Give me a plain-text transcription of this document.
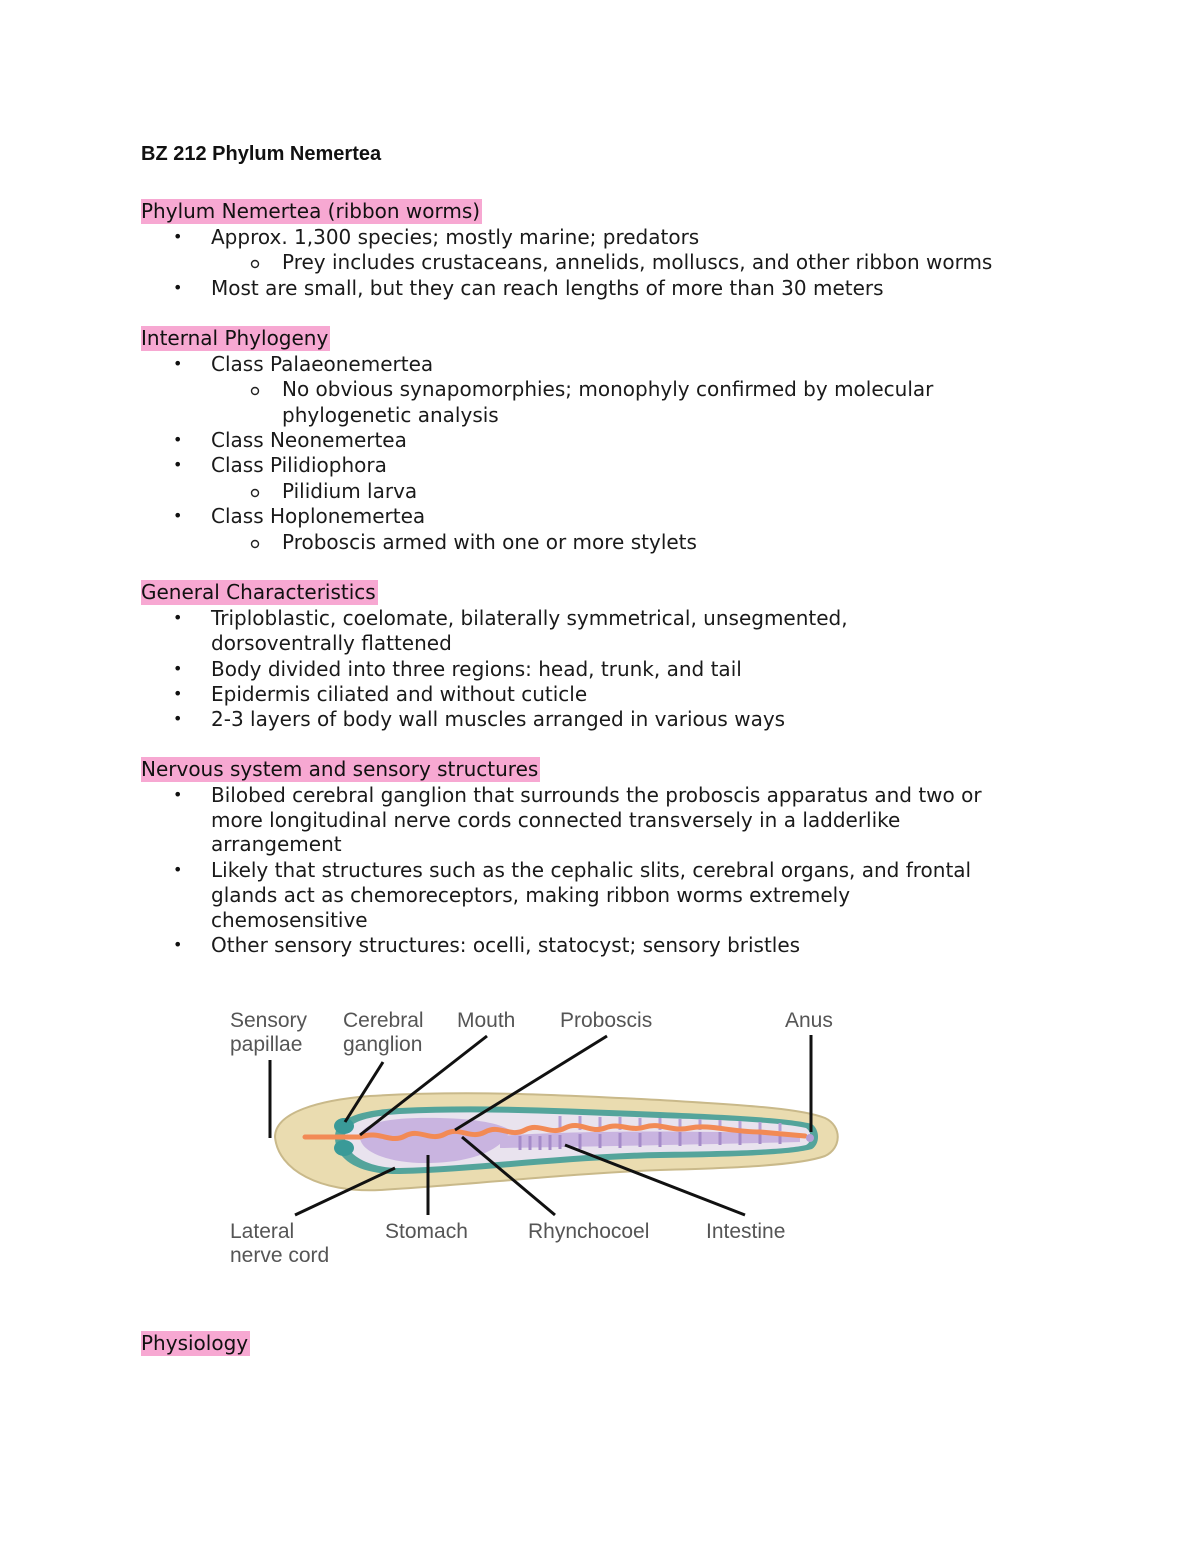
BZ 212 Phylum Nemertea
Phylum Nemertea (ribbon worms)
• Approx. 1,300 species; mostly marine; predators
Prey includes crustaceans, annelids, molluscs, and other ribbon worms
• Most are small, but they can reach lengths of more than 30 meters
Internal Phylogeny
• Class Palaeonemertea
No obvious synapomorphies; monophyly confirmed by molecular
phylogenetic analysis
• Class Neonemertea
• Class Pilidiophora
Pilidium larva
• Class Hoplonemertea
Proboscis armed with one or more stylets
General Characteristics
• Triploblastic, coelomate, bilaterally symmetrical, unsegmented,
dorsoventrally flattened
• Body divided into three regions: head, trunk, and tail
• Epidermis ciliated and without cuticle
• 2-3 layers of body wall muscles arranged in various ways
Nervous system and sensory structures
• Bilobed cerebral ganglion that surrounds the proboscis apparatus and two or
more longitudinal nerve cords connected transversely in a ladderlike
arrangement
• Likely that structures such as the cephalic slits, cerebral organs, and frontal
glands act as chemoreceptors, making ribbon worms extremely
chemosensitive
• Other sensory structures: ocelli, statocyst; sensory bristles
Sensory
papillae
Cerebral
ganglion
Mouth Proboscis	Anus
Lateral
nerve cord
Stomach	Rhynchocoel	Intestine
Physiology
